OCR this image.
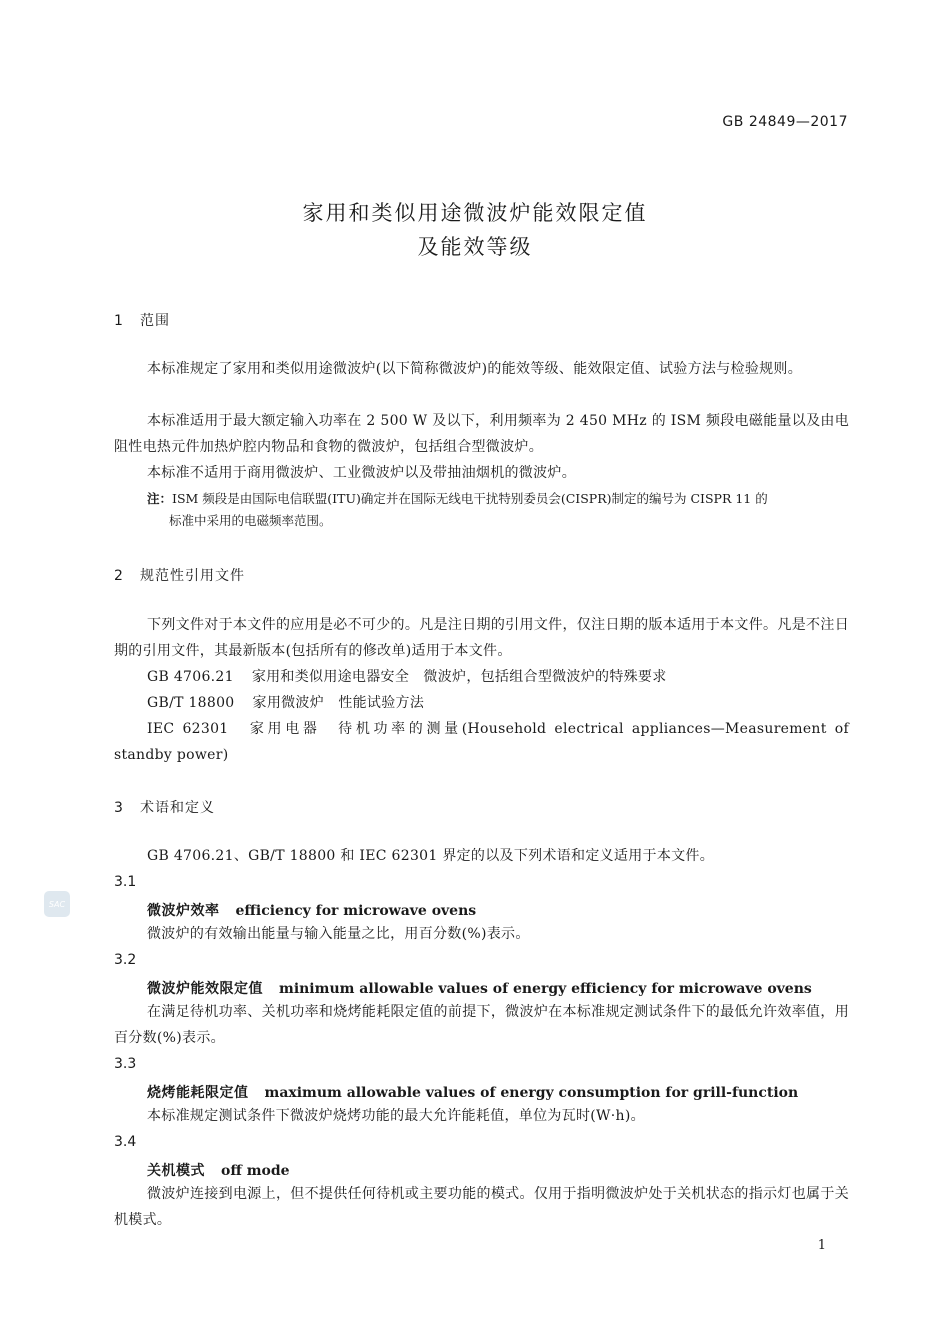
GB 24849—2017
家用和类似用途微波炉能效限定值
及能效等级
1 范围

本标准规定了家用和类似用途微波炉(以下简称微波炉)的能效等级、能效限定值、试验方法与检验规则。

本标准适用于最大额定输入功率在 2 500 W 及以下，利用频率为 2 450 MHz 的 ISM 频段电磁能量以及由电阻性电热元件加热炉腔内物品和食物的微波炉，包括组合型微波炉。

本标准不适用于商用微波炉、工业微波炉以及带抽油烟机的微波炉。

注：ISM 频段是由国际电信联盟(ITU)确定并在国际无线电干扰特别委员会(CISPR)制定的编号为 CISPR 11 的
标准中采用的电磁频率范围。
2 规范性引用文件

下列文件对于本文件的应用是必不可少的。凡是注日期的引用文件，仅注日期的版本适用于本文件。凡是不注日期的引用文件，其最新版本(包括所有的修改单)适用于本文件。

GB 4706.21 家用和类似用途电器安全　微波炉，包括组合型微波炉的特殊要求
GB/T 18800 家用微波炉　性能试验方法

IEC 62301 家用电器　待机功率的测量(Household electrical appliances—Measurement of standby power)

3 术语和定义

GB 4706.21、GB/T 18800 和 IEC 62301 界定的以及下列术语和定义适用于本文件。

3.1
微波炉效率 efficiency for microwave ovens

微波炉的有效输出能量与输入能量之比，用百分数(%)表示。

3.2
微波炉能效限定值 minimum allowable values of energy efficiency for microwave ovens

在满足待机功率、关机功率和烧烤能耗限定值的前提下，微波炉在本标准规定测试条件下的最低允许效率值，用百分数(%)表示。

3.3
烧烤能耗限定值 maximum allowable values of energy consumption for grill-function

本标准规定测试条件下微波炉烧烤功能的最大允许能耗值，单位为瓦时(W·h)。

3.4
关机模式 off mode

微波炉连接到电源上，但不提供任何待机或主要功能的模式。仅用于指明微波炉处于关机状态的指示灯也属于关机模式。

SAC
1
